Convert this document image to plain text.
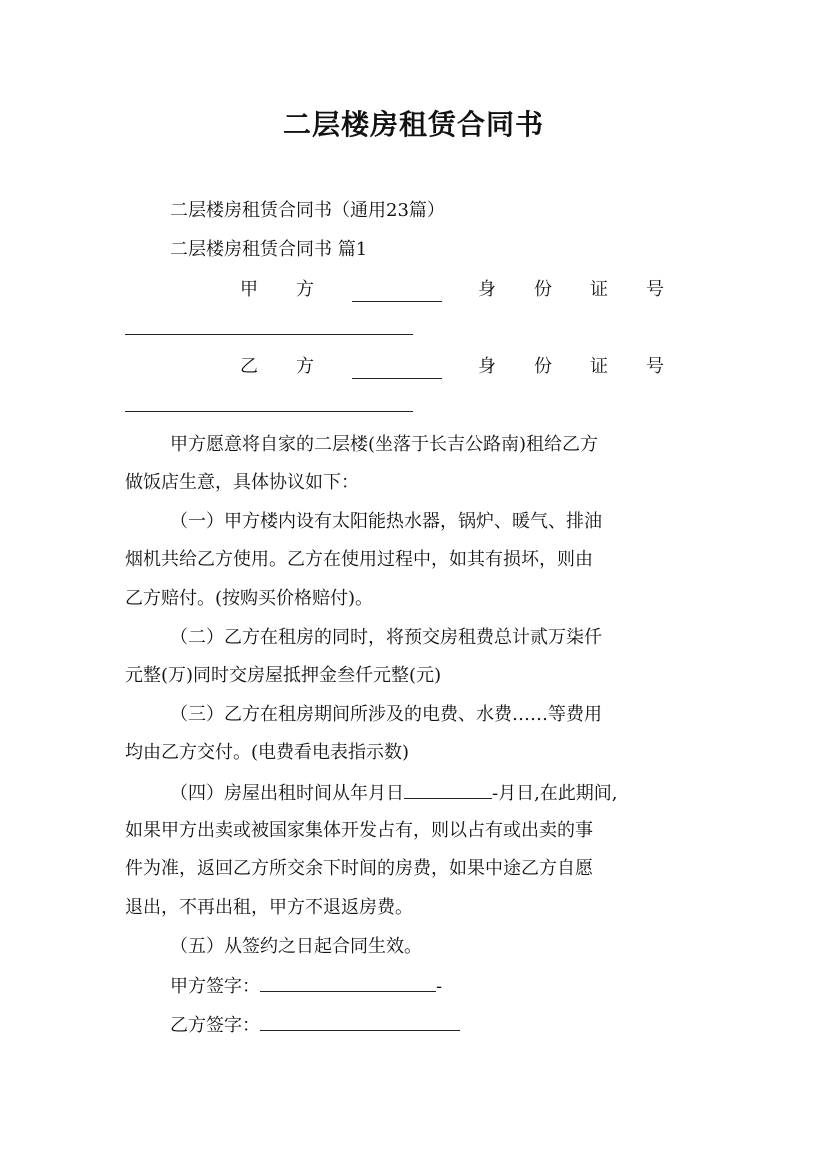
二层楼房租赁合同书
二层楼房租赁合同书（通用23篇）
二层楼房租赁合同书 篇1
甲方	身份证号
乙方	身份证号
甲方愿意将自家的二层楼(坐落于长吉公路南)租给乙方
做饭店生意，具体协议如下：
（一）甲方楼内设有太阳能热水器，锅炉、暖气、排油
烟机共给乙方使用。乙方在使用过程中，如其有损坏，则由
乙方赔付。(按购买价格赔付)。
（二）乙方在租房的同时，将预交房租费总计贰万柒仟
元整(万)同时交房屋抵押金叁仟元整(元)
（三）乙方在租房期间所涉及的电费、水费……等费用
均由乙方交付。(电费看电表指示数)
（四）房屋出租时间从年月日	-月日,在此期间,
如果甲方出卖或被国家集体开发占有，则以占有或出卖的事
件为准，返回乙方所交余下时间的房费，如果中途乙方自愿
退出，不再出租，甲方不退返房费。
（五）从签约之日起合同生效。
甲方签字：	-
乙方签字：
